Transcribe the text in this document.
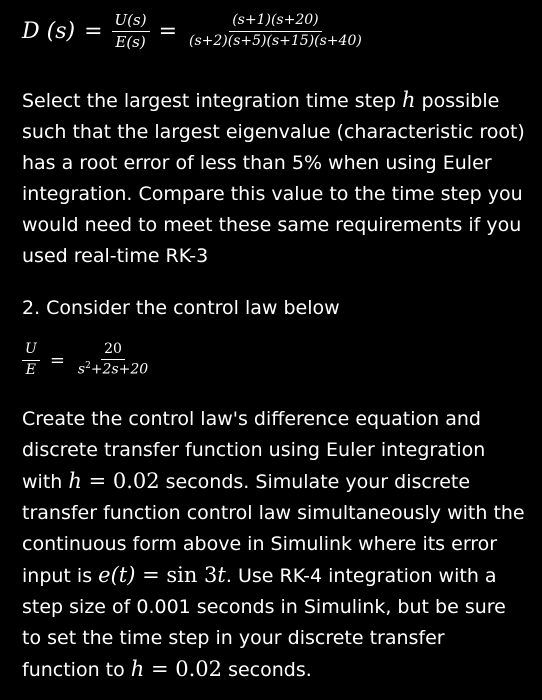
D $(s) = \frac{U(s)}{E(s)} = \frac{(s+1)(s+20)}{(s+2)(s+5)(s+15)(s+40)}$

Select the largest integration time step h possible such that the largest eigenvalue (characteristic root) has a root error of less than 5% when using Euler integration. Compare this value to the time step you would need to meet these same requirements if you used real-time RK-3

2. Consider the control law below

$\frac{U}{E} = \frac{20}{s^2+2s+20}$

Create the control law's difference equation and discrete transfer function using Euler integration with h = 0.02 seconds. Simulate your discrete transfer function control law simultaneously with the continuous form above in Simulink where its error input is e(t) = sin 3t. Use RK-4 integration with a step size of 0.001 seconds in Simulink, but be sure to set the time step in your discrete transfer function to h = 0.02 seconds.
